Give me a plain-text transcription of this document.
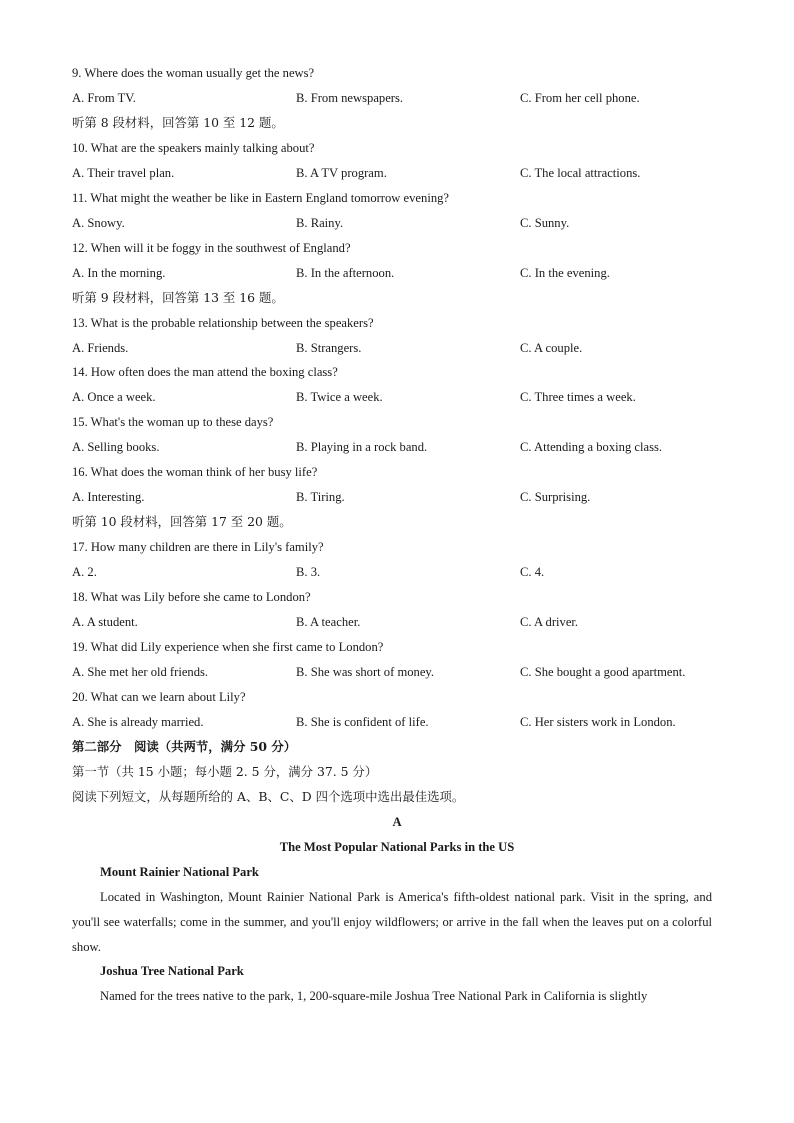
9. Where does the woman usually get the news?
A. From TV.	B. From newspapers.	C. From her cell phone.
听第 8 段材料，回答第 10 至 12 题。
10. What are the speakers mainly talking about?
A. Their travel plan.	B. A TV program.	C. The local attractions.
11. What might the weather be like in Eastern England tomorrow evening?
A. Snowy.	B. Rainy.	C. Sunny.
12. When will it be foggy in the southwest of England?
A. In the morning.	B. In the afternoon.	C. In the evening.
听第 9 段材料，回答第 13 至 16 题。
13. What is the probable relationship between the speakers?
A. Friends.	B. Strangers.	C. A couple.
14. How often does the man attend the boxing class?
A. Once a week.	B. Twice a week.	C. Three times a week.
15. What's the woman up to these days?
A. Selling books.	B. Playing in a rock band.	C. Attending a boxing class.
16. What does the woman think of her busy life?
A. Interesting.	B. Tiring.	C. Surprising.
听第 10 段材料，回答第 17 至 20 题。
17. How many children are there in Lily's family?
A. 2.	B. 3.	C. 4.
18. What was Lily before she came to London?
A. A student.	B. A teacher.	C. A driver.
19. What did Lily experience when she first came to London?
A. She met her old friends.	B. She was short of money.	C. She bought a good apartment.
20. What can we learn about Lily?
A. She is already married.	B. She is confident of life.	C. Her sisters work in London.
第二部分　阅读（共两节，满分 50 分）
第一节（共 15 小题；每小题 2. 5 分，满分 37. 5 分）
阅读下列短文，从每题所给的 A、B、C、D 四个选项中选出最佳选项。
A
The Most Popular National Parks in the US
Mount Rainier National Park
Located in Washington, Mount Rainier National Park is America's fifth-oldest national park. Visit in the spring, and you'll see waterfalls; come in the summer, and you'll enjoy wildflowers; or arrive in the fall when the leaves put on a colorful show.
Joshua Tree National Park
Named for the trees native to the park, 1, 200-square-mile Joshua Tree National Park in California is slightly
